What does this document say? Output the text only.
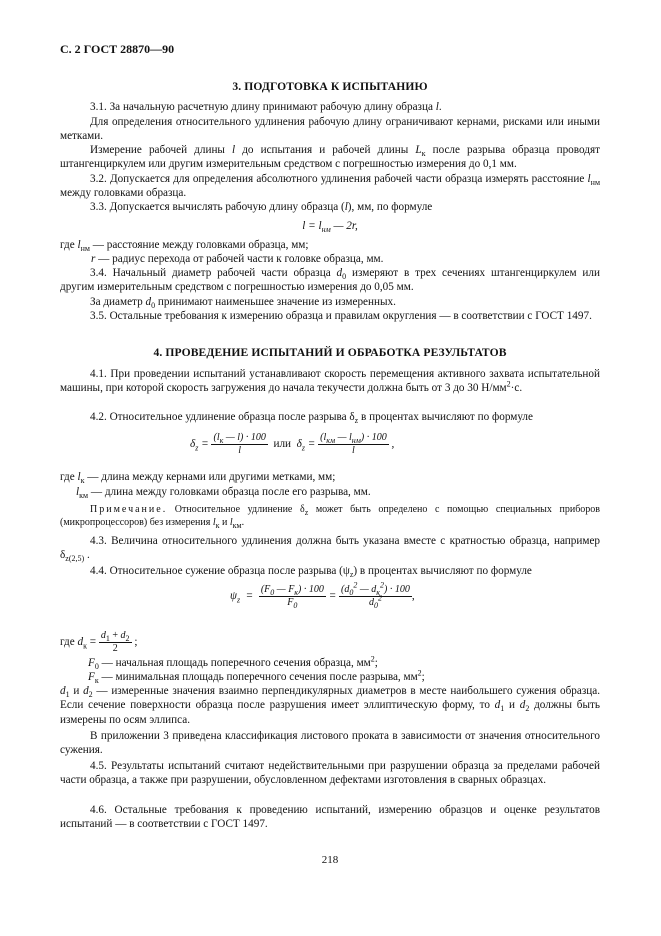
С. 2 ГОСТ 28870—90
3. ПОДГОТОВКА К ИСПЫТАНИЮ
3.1. За начальную расчетную длину принимают рабочую длину образца l.
Для определения относительного удлинения рабочую длину ограничивают кернами, рисками или иными метками.
Измерение рабочей длины l до испытания и рабочей длины $L_к$ после разрыва образца проводят штангенциркулем или другим измерительным средством с погрешностью измерения до 0,1 мм.
3.2. Допускается для определения абсолютного удлинения рабочей части образца измерять расстояние $l_{нм}$ между головками образца.
3.3. Допускается вычислять рабочую длину образца (l), мм, по формуле
$l = l_{нм}$ — 2r,
где $l_{нм}$ — расстояние между головками образца, мм;
r — радиус перехода от рабочей части к головке образца, мм.
3.4. Начальный диаметр рабочей части образца $d_0$ измеряют в трех сечениях штангенциркулем или другим измерительным средством с погрешностью измерения до 0,05 мм.
За диаметр $d_0$ принимают наименьшее значение из измеренных.
3.5. Остальные требования к измерению образца и правилам округления — в соответствии с ГОСТ 1497.
4. ПРОВЕДЕНИЕ ИСПЫТАНИЙ И ОБРАБОТКА РЕЗУЛЬТАТОВ
4.1. При проведении испытаний устанавливают скорость перемещения активного захвата испытательной машины, при которой скорость загружения до начала текучести должна быть от 3 до 30 $Н/мм^2\cdot с$.
4.2. Относительное удлинение образца после разрыва $\delta_z$ в процентах вычисляют по формуле
$\delta_z = \frac{(l_к — l) \cdot 100}{l}$ или  $\delta_z = \frac{(l_{км} — l_{нм}) \cdot 100}{l}$ ,
где $l_к$ — длина между кернами или другими метками, мм;
$l_{км}$ — длина между головками образца после его разрыва, мм.
Примечание. Относительное удлинение $\delta_z$ может быть определено с помощью специальных приборов (микропроцессоров) без измерения $l_к$ и $l_{км}$.
4.3. Величина относительного удлинения должна быть указана вместе с кратностью образца, например $\delta_{z(2,5)}$ .
4.4. Относительное сужение образца после разрыва $(\psi_z)$ в процентах вычисляют по формуле
$\psi_z = \frac{(F_0 — F_к) \cdot 100}{F_0} = \frac{(d_0^2 — d_к^2) \cdot 100}{d_0^2}$ ,
где $d_к = \frac{d_1 + d_2}{2}$ ;
$F_0$ — начальная площадь поперечного сечения образца, $мм^2$;
$F_к$ — минимальная площадь поперечного сечения после разрыва, $мм^2$;
$d_1$ и $d_2$ — измеренные значения взаимно перпендикулярных диаметров в месте наибольшего сужения образца. Если сечение поверхности образца после разрушения имеет эллиптическую форму, то $d_1$ и $d_2$ должны быть измерены по осям эллипса.
В приложении 3 приведена классификация листового проката в зависимости от значения относительного сужения.
4.5. Результаты испытаний считают недействительными при разрушении образца за пределами рабочей части образца, а также при разрушении, обусловленном дефектами изготовления в сварных образцах.
4.6. Остальные требования к проведению испытаний, измерению образцов и оценке результатов испытаний — в соответствии с ГОСТ 1497.
218
